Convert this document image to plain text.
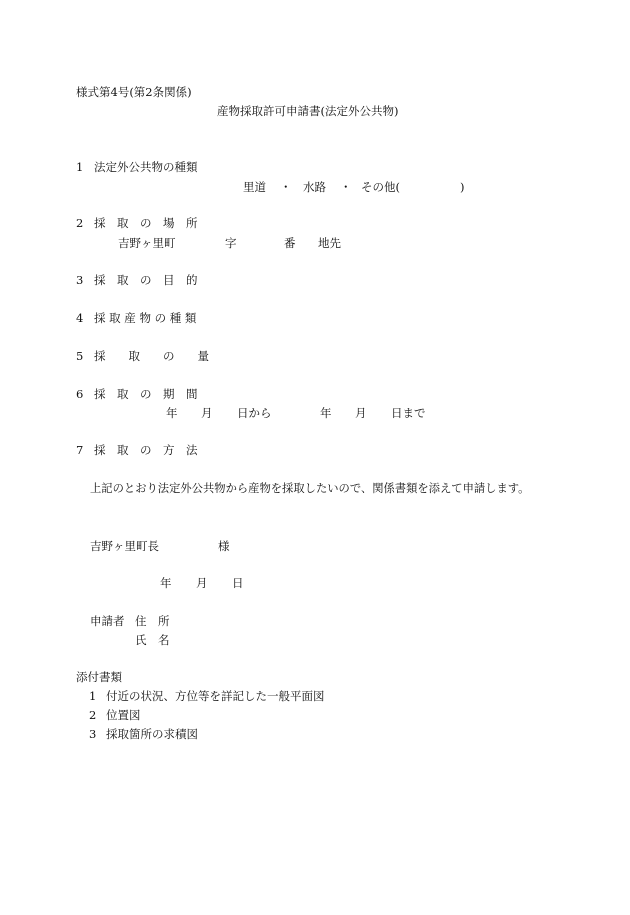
様式第4号(第2条関係)
産物採取許可申請書(法定外公共物)
1 法定外公共物の種類
里道 ・ 水路 ・ その他(	)
2 採　取　の　場　所
吉野ヶ里町	字	番 地先
3 採　取　の　目　的
4 採 取 産 物 の 種 類
5 採　　取　　の　　量
6 採　取　の　期　間
年 月 日から	年 月 日まで
7 採　取　の　方　法
上記のとおり法定外公共物から産物を採取したいので、関係書類を添えて申請します。
吉野ヶ里町長	様
年 月 日
申請者 住　所
氏　名
添付書類
1 付近の状況、方位等を詳記した一般平面図
2 位置図
3 採取箇所の求積図
